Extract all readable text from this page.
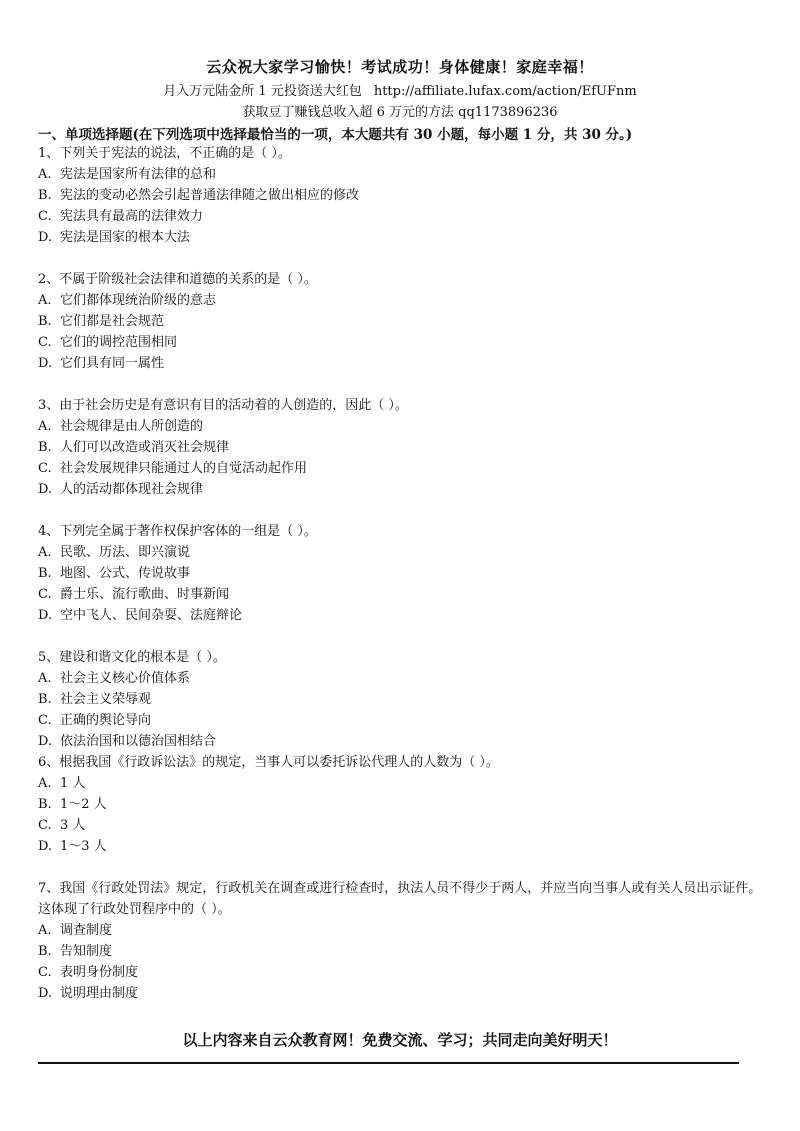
云众祝大家学习愉快！考试成功！身体健康！家庭幸福！
月入万元陆金所 1 元投资送大红包 http://affiliate.lufax.com/action/EfUFnm
获取豆丁赚钱总收入超 6 万元的方法 qq1173896236
一、单项选择题(在下列选项中选择最恰当的一项，本大题共有 30 小题，每小题 1 分，共 30 分。)

1、下列关于宪法的说法，不正确的是（ ）。

A. 宪法是国家所有法律的总和

B. 宪法的变动必然会引起普通法律随之做出相应的修改

C. 宪法具有最高的法律效力

D. 宪法是国家的根本大法

2、不属于阶级社会法律和道德的关系的是（ ）。

A. 它们都体现统治阶级的意志

B. 它们都是社会规范

C. 它们的调控范围相同

D. 它们具有同一属性

3、由于社会历史是有意识有目的活动着的人创造的，因此（ ）。

A. 社会规律是由人所创造的

B. 人们可以改造或消灭社会规律

C. 社会发展规律只能通过人的自觉活动起作用

D. 人的活动都体现社会规律

4、下列完全属于著作权保护客体的一组是（ ）。

A. 民歌、历法、即兴演说

B. 地图、公式、传说故事

C. 爵士乐、流行歌曲、时事新闻

D. 空中飞人、民间杂耍、法庭辩论

5、建设和谐文化的根本是（ ）。

A. 社会主义核心价值体系

B. 社会主义荣辱观

C. 正确的舆论导向

D. 依法治国和以德治国相结合

6、根据我国《行政诉讼法》的规定，当事人可以委托诉讼代理人的人数为（ ）。

A. 1 人

B. 1～2 人

C. 3 人

D. 1～3 人

7、我国《行政处罚法》规定，行政机关在调查或进行检查时，执法人员不得少于两人，并应当向当事人或有关人员出示证件。这体现了行政处罚程序中的（ ）。

A. 调查制度

B. 告知制度

C. 表明身份制度

D. 说明理由制度

以上内容来自云众教育网！免费交流、学习；共同走向美好明天！
